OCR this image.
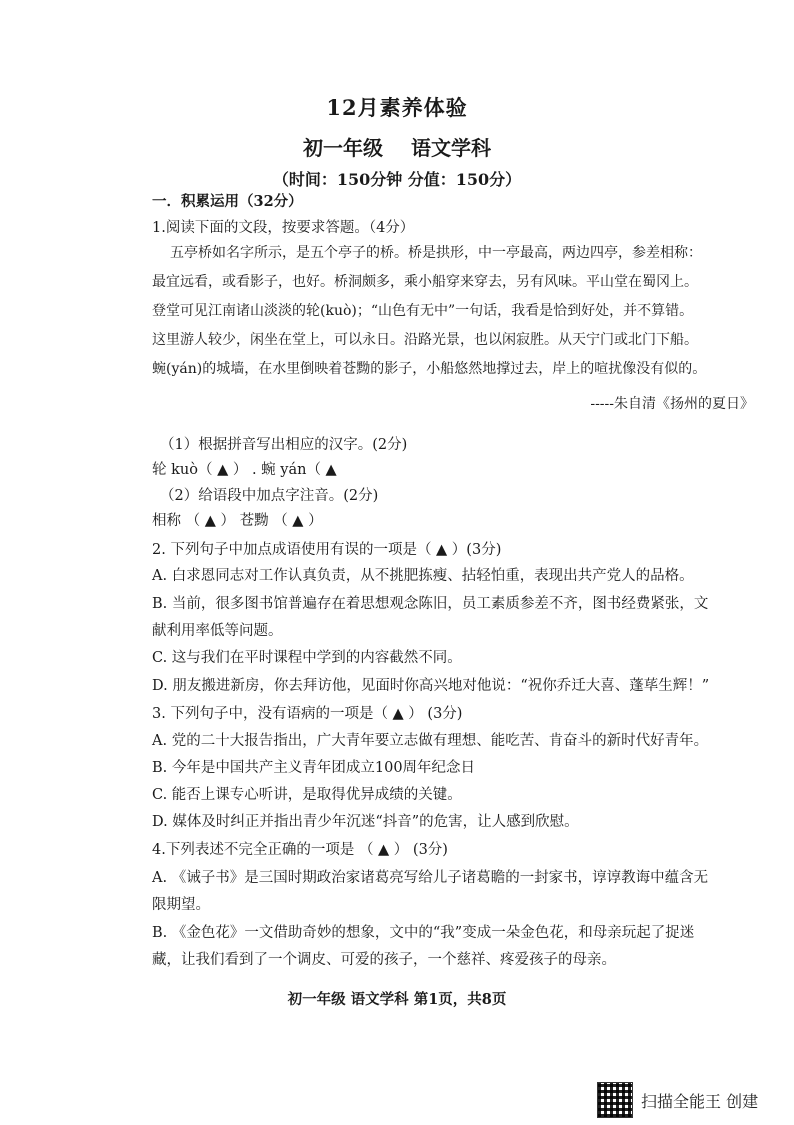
12月素养体验
初一年级 语文学科
（时间：150分钟 分值：150分）
一．积累运用（32分）
1.阅读下面的文段，按要求答题。（4分）
五亭桥如名字所示，是五个亭子的桥。桥是拱形，中一亭最高，两边四亭，参差相称：
最宜远看，或看影子，也好。桥洞颇多，乘小船穿来穿去，另有风味。平山堂在蜀冈上。
登堂可见江南诸山淡淡的轮(kuò)；“山色有无中”一句话，我看是恰到好处，并不算错。
这里游人较少，闲坐在堂上，可以永日。沿路光景，也以闲寂胜。从天宁门或北门下船。
蜿(yán)的城墙，在水里倒映着苍黝的影子，小船悠然地撑过去，岸上的喧扰像没有似的。
-----朱自清《扬州的夏日》
（1）根据拼音写出相应的汉字。(2分)
轮 kuò（ ▲ ） . 蜿 yán（ ▲
（2）给语段中加点字注音。(2分)
相称 （ ▲ ） 苍黝 （ ▲ ）
2. 下列句子中加点成语使用有误的一项是（ ▲ ）(3分)
A. 白求恩同志对工作认真负责，从不挑肥拣瘦、拈轻怕重，表现出共产党人的品格。
B. 当前，很多图书馆普遍存在着思想观念陈旧，员工素质参差不齐，图书经费紧张，文
献利用率低等问题。
C. 这与我们在平时课程中学到的内容截然不同。
D. 朋友搬进新房，你去拜访他，见面时你高兴地对他说：“祝你乔迁大喜、蓬荜生辉！”
3. 下列句子中，没有语病的一项是（ ▲ ） (3分)
A. 党的二十大报告指出，广大青年要立志做有理想、能吃苦、肯奋斗的新时代好青年。
B. 今年是中国共产主义青年团成立100周年纪念日
C. 能否上课专心听讲，是取得优异成绩的关键。
D. 媒体及时纠正并指出青少年沉迷“抖音”的危害，让人感到欣慰。
4.下列表述不完全正确的一项是 （ ▲ ） (3分)
A. 《诫子书》是三国时期政治家诸葛亮写给儿子诸葛瞻的一封家书，谆谆教诲中蕴含无
限期望。
B. 《金色花》一文借助奇妙的想象，文中的“我”变成一朵金色花，和母亲玩起了捉迷
藏，让我们看到了一个调皮、可爱的孩子，一个慈祥、疼爱孩子的母亲。
初一年级 语文学科 第1页，共8页
扫描全能王 创建
